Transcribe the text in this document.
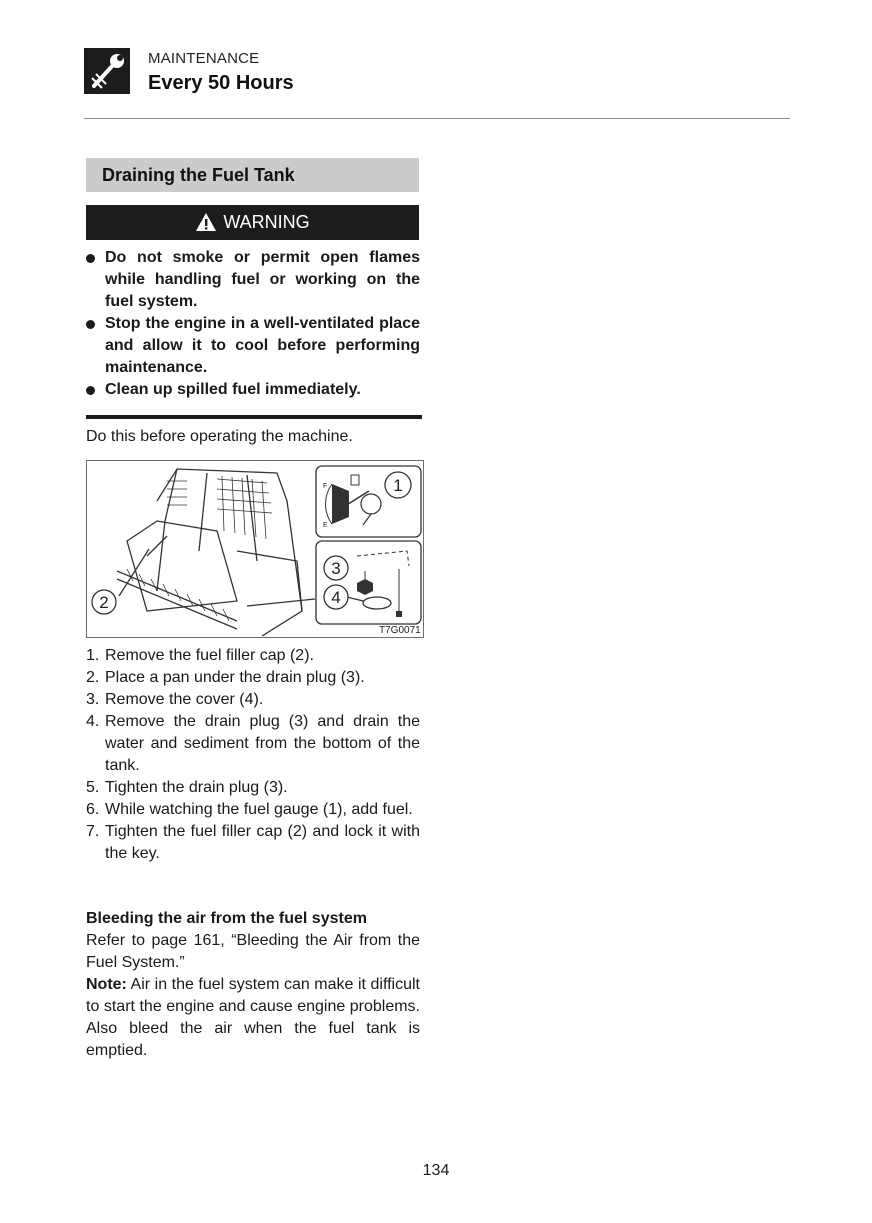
MAINTENANCE
Every 50 Hours
Draining the Fuel Tank
WARNING
Do not smoke or permit open flames while handling fuel or working on the fuel system.
Stop the engine in a well-ventilated place and allow it to cool before performing maintenance.
Clean up spilled fuel immediately.
Do this before operating the machine.
2
F
E
1
3
4
T7G0071
1. Remove the fuel filler cap (2).
2. Place a pan under the drain plug (3).
3. Remove the cover (4).
4. Remove the drain plug (3) and drain the water and sediment from the bottom of the tank.
5. Tighten the drain plug (3).
6. While watching the fuel gauge (1), add fuel.
7. Tighten the fuel filler cap (2) and lock it with the key.
Bleeding the air from the fuel system
Refer to page 161, “Bleeding the Air from the Fuel System.”
Note: Air in the fuel system can make it difficult to start the engine and cause engine problems. Also bleed the air when the fuel tank is emptied.
134
